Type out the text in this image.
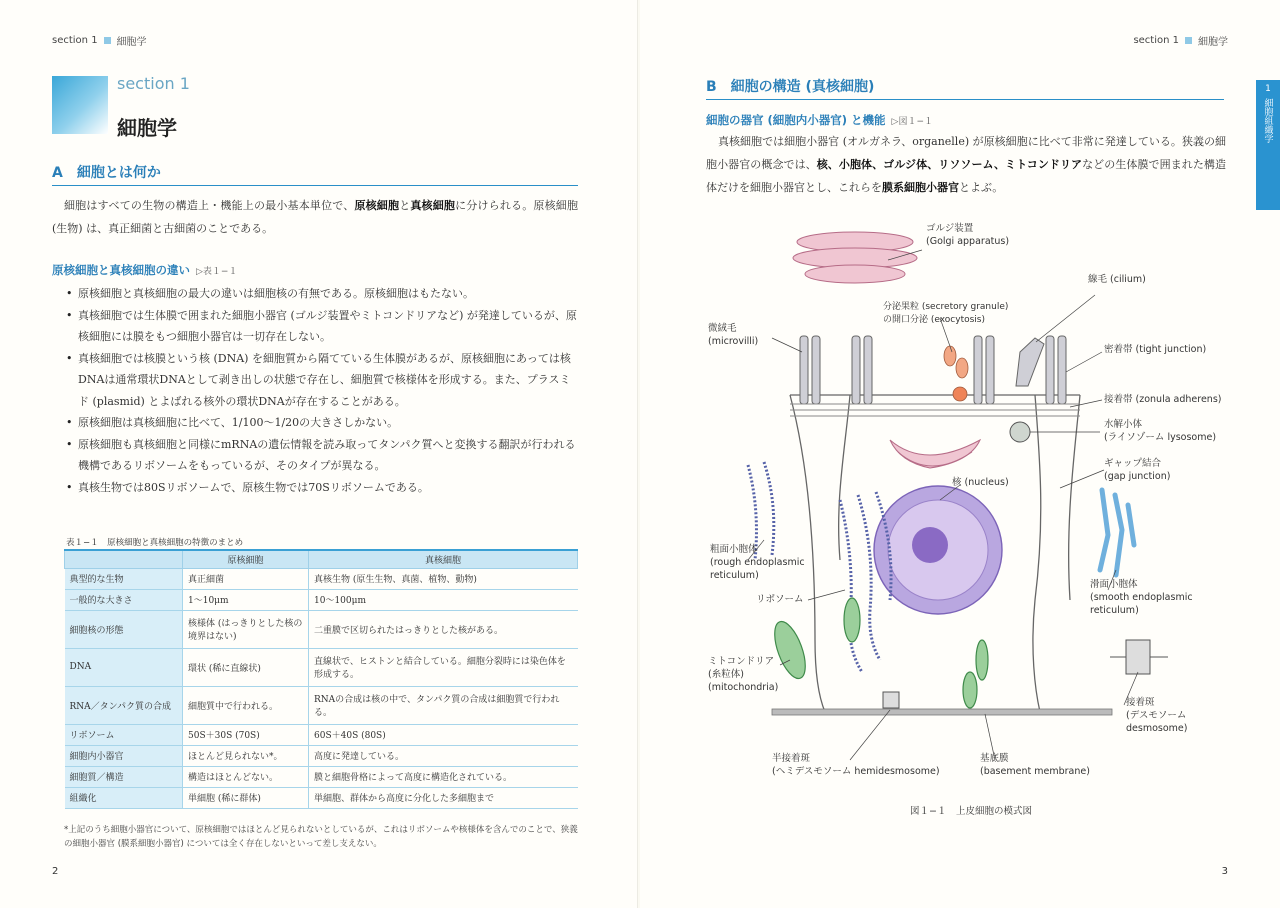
section 1 細胞学
section 1
細胞学
A　細胞とは何か
細胞はすべての生物の構造上・機能上の最小基本単位で、原核細胞と真核細胞に分けられる。原核細胞 (生物) は、真正細菌と古細菌のことである。
原核細胞と真核細胞の違い ▷表１−１
• 原核細胞と真核細胞の最大の違いは細胞核の有無である。原核細胞はもたない。
• 真核細胞では生体膜で囲まれた細胞小器官 (ゴルジ装置やミトコンドリアなど) が発達しているが、原核細胞には膜をもつ細胞小器官は一切存在しない。
• 真核細胞では核膜という核 (DNA) を細胞質から隔てている生体膜があるが、原核細胞にあっては核DNAは通常環状DNAとして剥き出しの状態で存在し、細胞質で核様体を形成する。また、プラスミド (plasmid) とよばれる核外の環状DNAが存在することがある。
• 原核細胞は真核細胞に比べて、1/100〜1/20の大きさしかない。
• 原核細胞も真核細胞と同様にmRNAの遺伝情報を読み取ってタンパク質へと変換する翻訳が行われる機構であるリボソームをもっているが、そのタイプが異なる。
• 真核生物では80Sリボソームで、原核生物では70Sリボソームである。
表１−１　原核細胞と真核細胞の特徴のまとめ
	原核細胞	真核細胞
典型的な生物	真正細菌	真核生物 (原生生物、真菌、植物、動物)
一般的な大きさ	1〜10μm	10〜100μm
細胞核の形態	核様体 (はっきりとした核の境界はない)	二重膜で区切られたはっきりとした核がある。
DNA	環状 (稀に直線状)	直線状で、ヒストンと結合している。細胞分裂時には染色体を形成する。
RNA／タンパク質の合成	細胞質中で行われる。	RNAの合成は核の中で、タンパク質の合成は細胞質で行われる。
リボソーム	50S＋30S (70S)	60S＋40S (80S)
細胞内小器官	ほとんど見られない*。	高度に発達している。
細胞質／構造	構造はほとんどない。	膜と細胞骨格によって高度に構造化されている。
組織化	単細胞 (稀に群体)	単細胞、群体から高度に分化した多細胞まで
*上記のうち細胞小器官について、原核細胞ではほとんど見られないとしているが、これはリボソームや核様体を含んでのことで、狭義の細胞小器官 (膜系細胞小器官) については全く存在しないといって差し支えない。
2
section 1 細胞学
1
細胞組織学
B　細胞の構造 (真核細胞)
細胞の器官 (細胞内小器官) と機能 ▷図１−１
真核細胞では細胞小器官 (オルガネラ、organelle) が原核細胞に比べて非常に発達している。狭義の細胞小器官の概念では、核、小胞体、ゴルジ体、リソソーム、ミトコンドリアなどの生体膜で囲まれた構造体だけを細胞小器官とし、これらを膜系細胞小器官とよぶ。
ゴルジ装置
(Golgi apparatus)
線毛 (cilium)
分泌果粒 (secretory granule)
の開口分泌 (exocytosis)
微絨毛
(microvilli)
密着帯 (tight junction)
接着帯 (zonula adherens)
水解小体
(ライソゾーム lysosome)
ギャップ結合
(gap junction)
核 (nucleus)
粗面小胞体
(rough endoplasmic
reticulum)
リボソーム
滑面小胞体
(smooth endoplasmic
reticulum)
ミトコンドリア
(糸粒体)
(mitochondria)
接着斑
(デスモソーム
desmosome)
半接着斑
(ヘミデスモソーム hemidesmosome)
基底膜
(basement membrane)
図１−１　上皮細胞の模式図
3
